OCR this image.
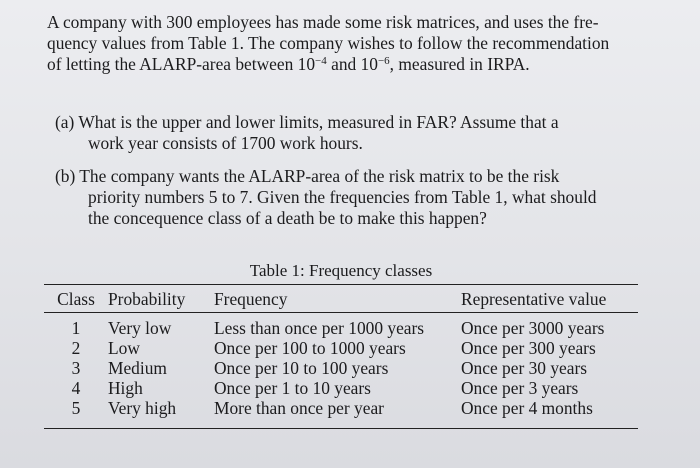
A company with 300 employees has made some risk matrices, and uses the fre-
quency values from Table 1. The company wishes to follow the recommendation
of letting the ALARP-area between $10^{-4}$ and $10^{-6}$, measured in IRPA.
(a) What is the upper and lower limits, measured in FAR? Assume that a
work year consists of 1700 work hours.
(b) The company wants the ALARP-area of the risk matrix to be the risk
priority numbers 5 to 7. Given the frequencies from Table 1, what should
the concequence class of a death be to make this happen?
Table 1: Frequency classes
Class	Probability	Frequency	Representative value
1	Very low	Less than once per 1000 years	Once per 3000 years
2	Low	Once per 100 to 1000 years	Once per 300 years
3	Medium	Once per 10 to 100 years	Once per 30 years
4	High	Once per 1 to 10 years	Once per 3 years
5	Very high	More than once per year	Once per 4 months
